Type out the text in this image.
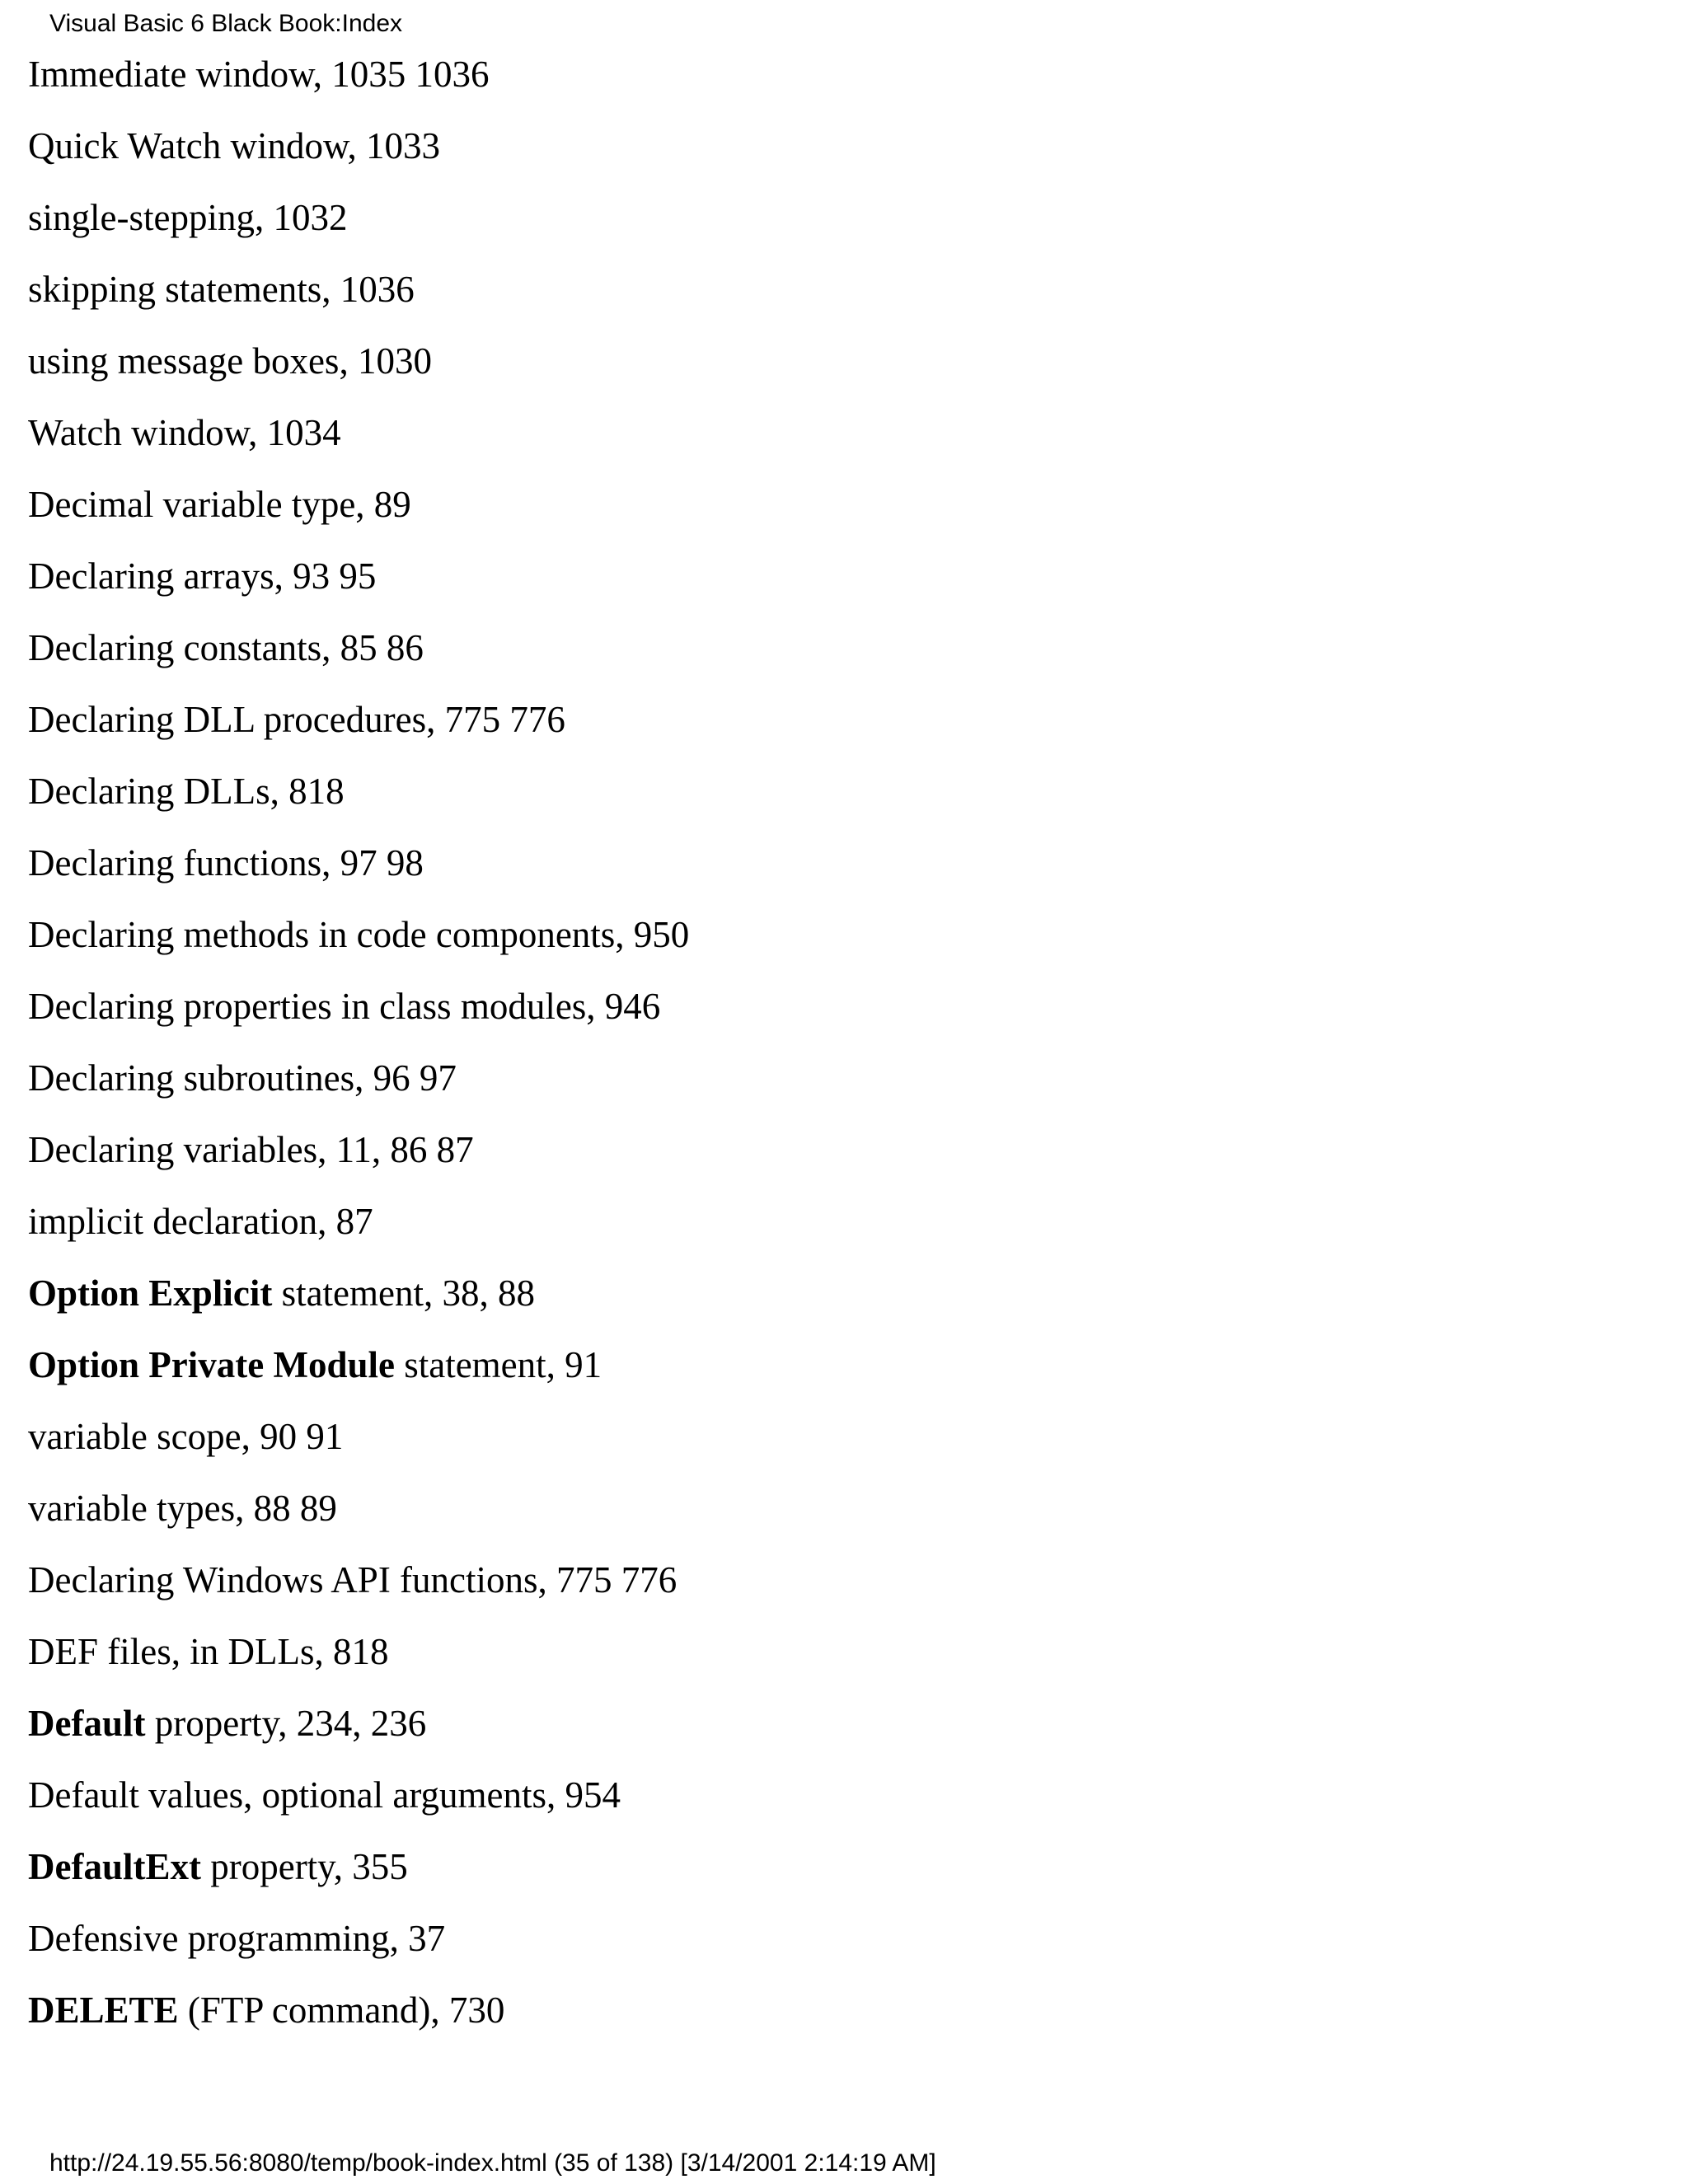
Visual Basic 6 Black Book:Index
Immediate window, 1035 1036
Quick Watch window, 1033
single-stepping, 1032
skipping statements, 1036
using message boxes, 1030
Watch window, 1034
Decimal variable type, 89
Declaring arrays, 93 95
Declaring constants, 85 86
Declaring DLL procedures, 775 776
Declaring DLLs, 818
Declaring functions, 97 98
Declaring methods in code components, 950
Declaring properties in class modules, 946
Declaring subroutines, 96 97
Declaring variables, 11, 86 87
implicit declaration, 87
Option Explicit statement, 38, 88
Option Private Module statement, 91
variable scope, 90 91
variable types, 88 89
Declaring Windows API functions, 775 776
DEF files, in DLLs, 818
Default property, 234, 236
Default values, optional arguments, 954
DefaultExt property, 355
Defensive programming, 37
DELETE (FTP command), 730
http://24.19.55.56:8080/temp/book-index.html (35 of 138) [3/14/2001 2:14:19 AM]
